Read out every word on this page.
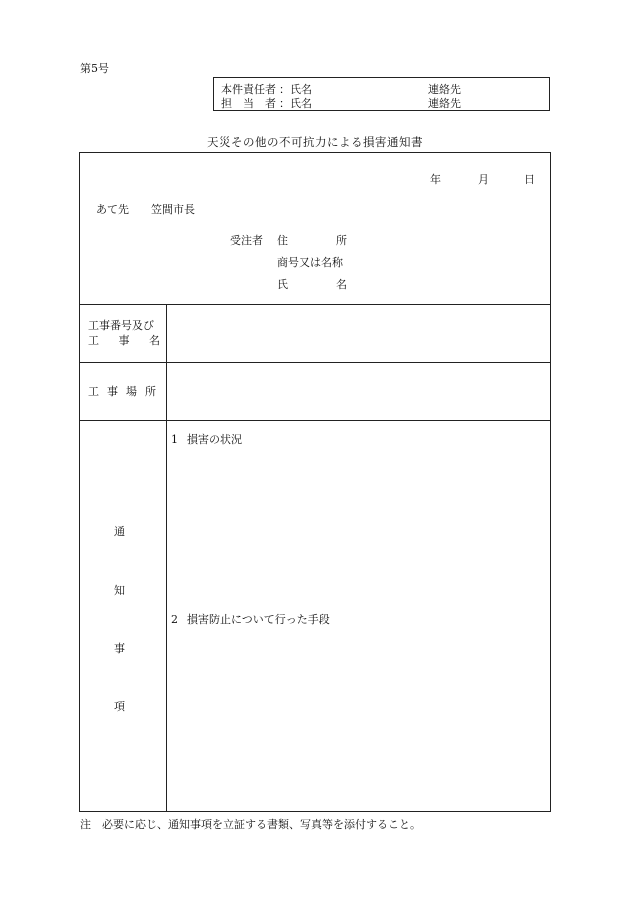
第5号
本件責任者 ：氏名	連絡先
担　当　者 ：氏名	連絡先
天災その他の不可抗力による損害通知書
年	月	日
あて先 笠間市長
受注者 住	所
商号又は名称
氏	名
工事番号及び
工 事 名
工 事 場 所
通
知
事
項
1 損害の状況
2 損害防止について行った手段
注　必要に応じ、通知事項を立証する書類、写真等を添付すること。
